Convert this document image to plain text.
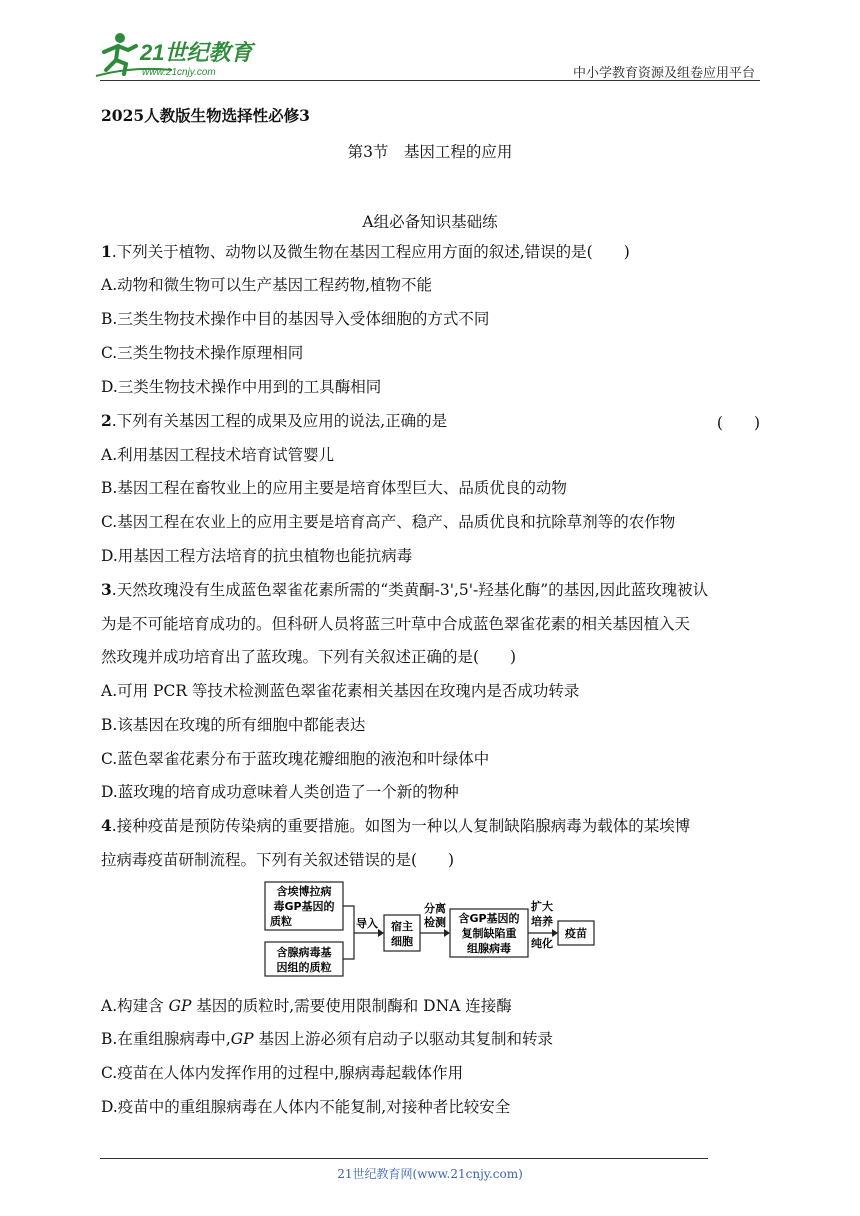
21世纪教育
www.21cnjy.com	中小学教育资源及组卷应用平台
2025人教版生物选择性必修3
第3节　基因工程的应用
A组必备知识基础练
1.下列关于植物、动物以及微生物在基因工程应用方面的叙述,错误的是(　　)
A.动物和微生物可以生产基因工程药物,植物不能
B.三类生物技术操作中目的基因导入受体细胞的方式不同
C.三类生物技术操作原理相同
D.三类生物技术操作中用到的工具酶相同
2.下列有关基因工程的成果及应用的说法,正确的是	(　　)
A.利用基因工程技术培育试管婴儿
B.基因工程在畜牧业上的应用主要是培育体型巨大、品质优良的动物
C.基因工程在农业上的应用主要是培育高产、稳产、品质优良和抗除草剂等的农作物
D.用基因工程方法培育的抗虫植物也能抗病毒
3.天然玫瑰没有生成蓝色翠雀花素所需的“类黄酮-3',5'-羟基化酶”的基因,因此蓝玫瑰被认
为是不可能培育成功的。但科研人员将蓝三叶草中合成蓝色翠雀花素的相关基因植入天
然玫瑰并成功培育出了蓝玫瑰。下列有关叙述正确的是(　　)
A.可用 PCR 等技术检测蓝色翠雀花素相关基因在玫瑰内是否成功转录
B.该基因在玫瑰的所有细胞中都能表达
C.蓝色翠雀花素分布于蓝玫瑰花瓣细胞的液泡和叶绿体中
D.蓝玫瑰的培育成功意味着人类创造了一个新的物种
4.接种疫苗是预防传染病的重要措施。如图为一种以人复制缺陷腺病毒为载体的某埃博
拉病毒疫苗研制流程。下列有关叙述错误的是(　　)
含埃博拉病
毒GP基因的
质粒
含腺病毒基
因组的质粒
导入 宿主
细胞
分离
检测 含GP基因的
复制缺陷重
组腺病毒
扩大
培养
纯化
疫苗
A.构建含 GP 基因的质粒时,需要使用限制酶和 DNA 连接酶
B.在重组腺病毒中,GP 基因上游必须有启动子以驱动其复制和转录
C.疫苗在人体内发挥作用的过程中,腺病毒起载体作用
D.疫苗中的重组腺病毒在人体内不能复制,对接种者比较安全
21世纪教育网(www.21cnjy.com)
